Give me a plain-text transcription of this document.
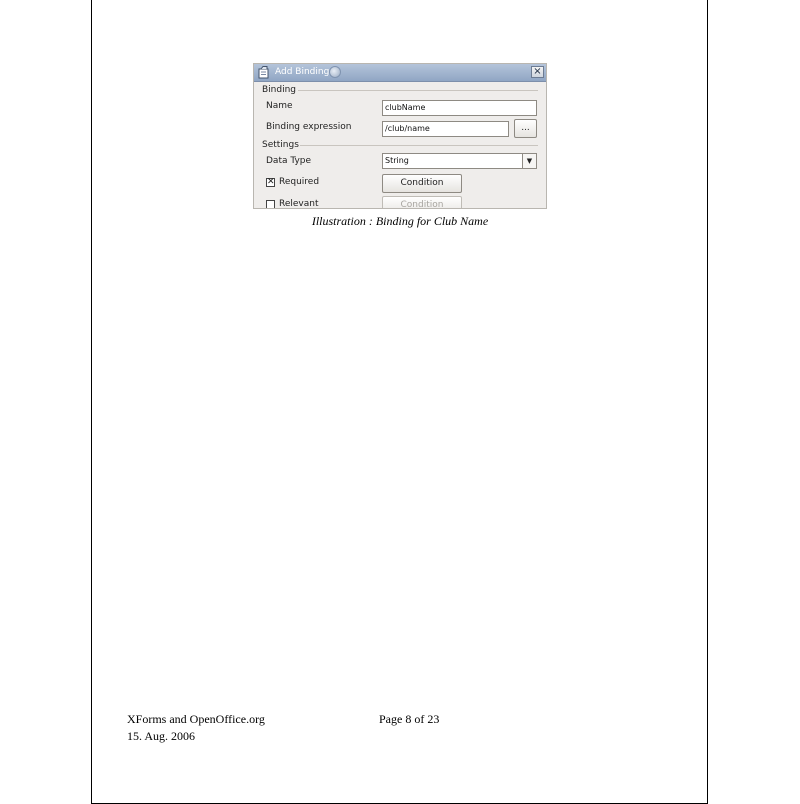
Add Binding	×
Binding
Name	clubName
Binding expression	/club/name	...
Settings
Data Type	String	▼
✕ Required	Condition
Relevant	Condition
Illustration : Binding for Club Name
XForms and OpenOffice.org
15. Aug. 2006
Page 8 of 23
